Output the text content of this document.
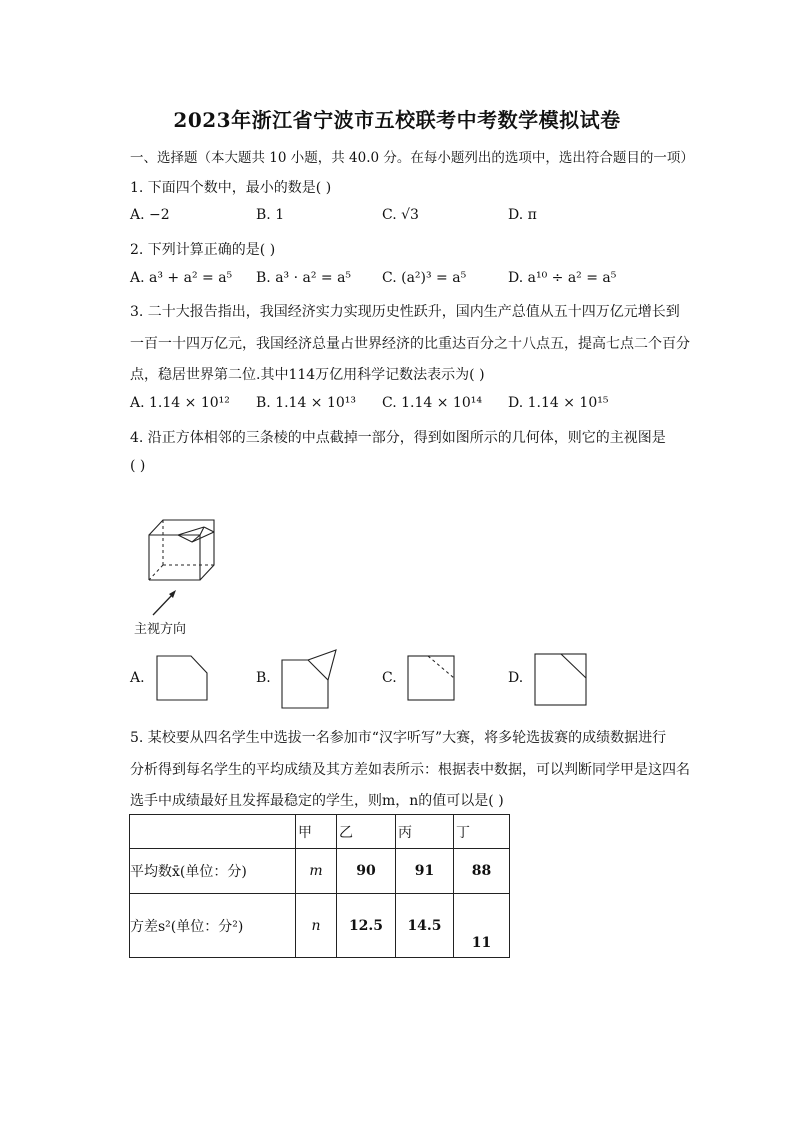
2023年浙江省宁波市五校联考中考数学模拟试卷
一、选择题（本大题共 10 小题，共 40.0 分。在每小题列出的选项中，选出符合题目的一项）
1. 下面四个数中，最小的数是( )
A. −2	B. 1	C. √3	D. π
2. 下列计算正确的是( )
A. a³ + a² = a⁵ B. a³ · a² = a⁵ C. (a²)³ = a⁵	D. a¹⁰ ÷ a² = a⁵
3. 二十大报告指出，我国经济实力实现历史性跃升，国内生产总值从五十四万亿元增长到
一百一十四万亿元，我国经济总量占世界经济的比重达百分之十八点五，提高七点二个百分
点，稳居世界第二位.其中114万亿用科学记数法表示为( )
A. 1.14 × 10¹² B. 1.14 × 10¹³ C. 1.14 × 10¹⁴ D. 1.14 × 10¹⁵
4. 沿正方体相邻的三条棱的中点截掉一部分，得到如图所示的几何体，则它的主视图是
( )
主视方向
A.	B.	C.	D.
5. 某校要从四名学生中选拔一名参加市“汉字听写”大赛，将多轮选拔赛的成绩数据进行
分析得到每名学生的平均成绩及其方差如表所示：根据表中数据，可以判断同学甲是这四名
选手中成绩最好且发挥最稳定的学生，则m，n的值可以是( )
	甲	乙	丙	丁
平均数x̄(单位：分)	m	90	91	88
方差s²(单位：分²)	n	12.5	14.5	11
